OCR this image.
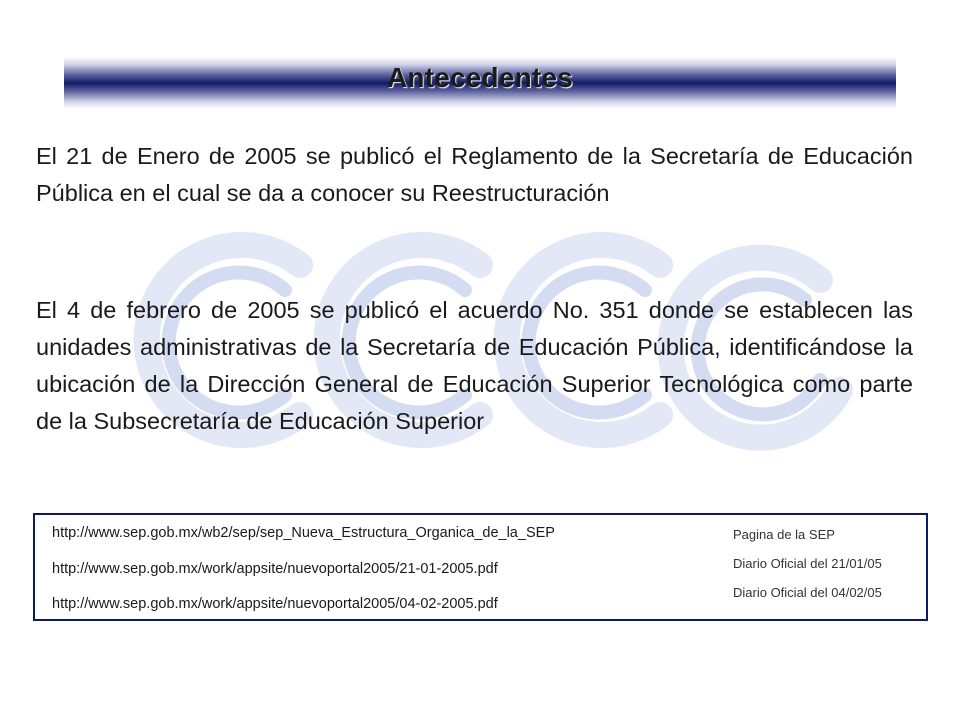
Antecedentes

El 21 de Enero de 2005 se publicó el Reglamento de la Secretaría de Educación Pública en el cual se da a conocer su Reestructuración

El 4 de febrero de 2005 se publicó el acuerdo No. 351 donde se establecen las unidades administrativas de la Secretaría de Educación Pública, identificándose la ubicación de la Dirección General de Educación Superior Tecnológica como parte de la Subsecretaría de Educación Superior

http://www.sep.gob.mx/wb2/sep/sep_Nueva_Estructura_Organica_de_la_SEP
http://www.sep.gob.mx/work/appsite/nuevoportal2005/21-01-2005.pdf
http://www.sep.gob.mx/work/appsite/nuevoportal2005/04-02-2005.pdf
Pagina de la SEP
Diario Oficial del 21/01/05
Diario Oficial del 04/02/05
